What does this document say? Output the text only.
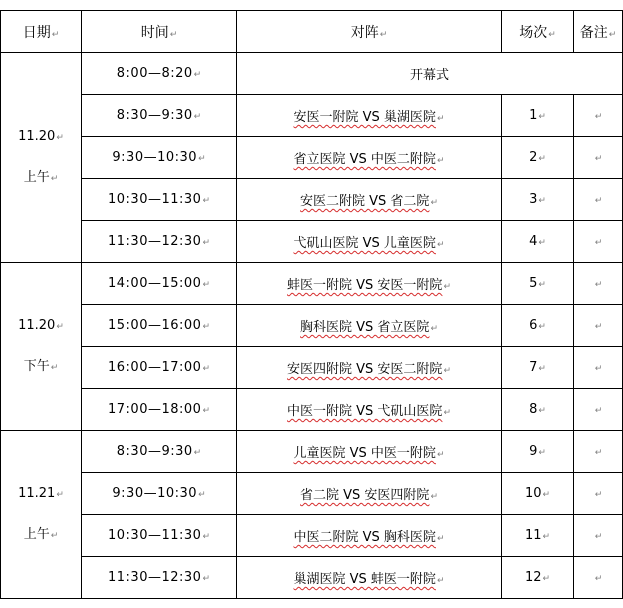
日期↵	时间↵	对阵↵	场次↵	备注↵

11.20↵
上午↵	8:00—8:20↵	开幕式		
	8:30—9:30↵	安医一附院 VS 巢湖医院↵	1↵	↵
	9:30—10:30↵	省立医院 VS 中医二附院↵	2↵	↵
	10:30—11:30↵	安医二附院 VS 省二院↵	3↵	↵
	11:30—12:30↵	弋矶山医院 VS 儿童医院↵	4↵	↵

11.20↵
下午↵	14:00—15:00↵	蚌医一附院 VS 安医一附院↵	5↵	↵
	15:00—16:00↵	胸科医院 VS 省立医院↵	6↵	↵
	16:00—17:00↵	安医四附院 VS 安医二附院↵	7↵	↵
	17:00—18:00↵	中医一附院 VS 弋矶山医院↵	8↵	↵

11.21↵
上午↵	8:30—9:30↵	儿童医院 VS 中医一附院↵	9↵	↵
	9:30—10:30↵	省二院 VS 安医四附院↵	10↵	↵
	10:30—11:30↵	中医二附院 VS 胸科医院↵	11↵	↵
	11:30—12:30↵	巢湖医院 VS 蚌医一附院↵	12↵	↵
